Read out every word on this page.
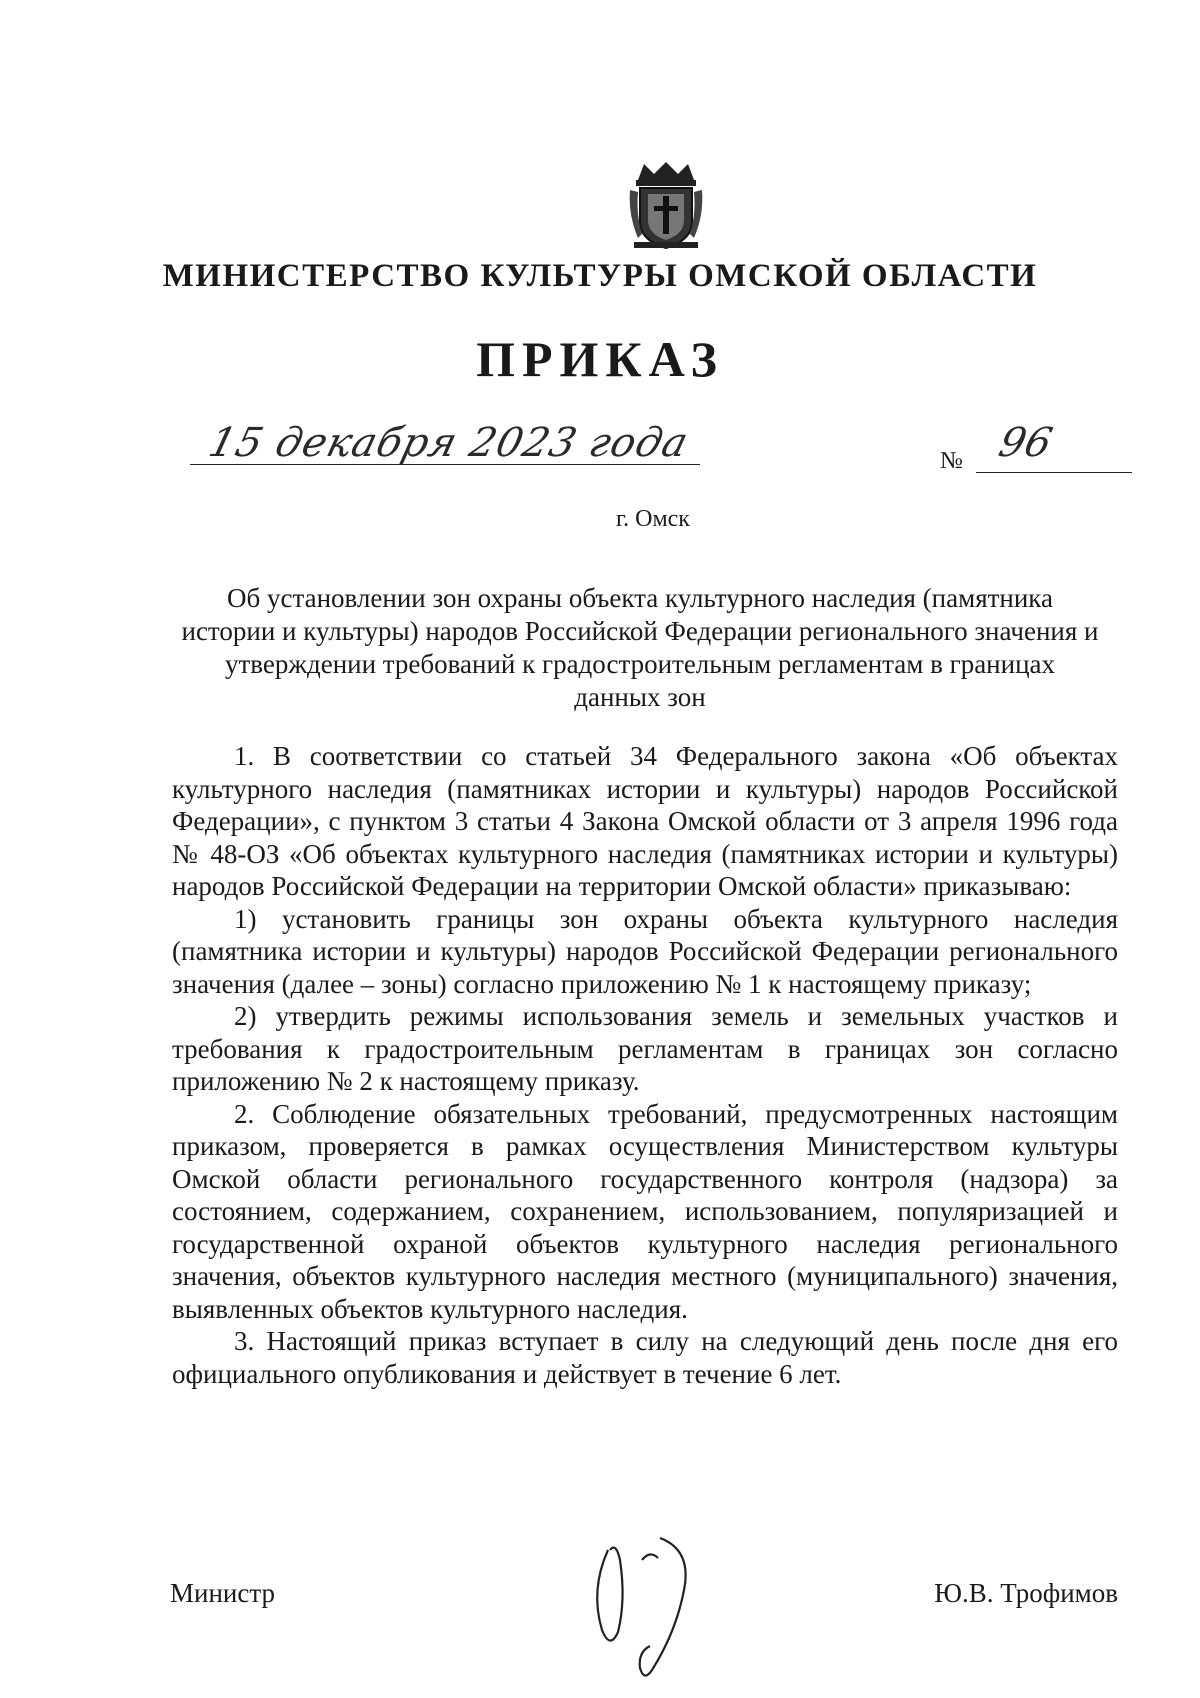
МИНИСТЕРСТВО КУЛЬТУРЫ ОМСКОЙ ОБЛАСТИ
ПРИКАЗ
15 декабря 2023 года	№ 96
г. Омск
Об установлении зон охраны объекта культурного наследия (памятника истории и культуры) народов Российской Федерации регионального значения и утверждении требований к градостроительным регламентам в границах данных зон

1. В соответствии со статьей 34 Федерального закона «Об объектах культурного наследия (памятниках истории и культуры) народов Российской Федерации», с пунктом 3 статьи 4 Закона Омской области от 3 апреля 1996 года № 48-ОЗ «Об объектах культурного наследия (памятниках истории и культуры) народов Российской Федерации на территории Омской области» приказываю:

1) установить границы зон охраны объекта культурного наследия (памятника истории и культуры) народов Российской Федерации регионального значения (далее – зоны) согласно приложению № 1 к настоящему приказу;

2) утвердить режимы использования земель и земельных участков и требования к градостроительным регламентам в границах зон согласно приложению № 2 к настоящему приказу.

2. Соблюдение обязательных требований, предусмотренных настоящим приказом, проверяется в рамках осуществления Министерством культуры Омской области регионального государственного контроля (надзора) за состоянием, содержанием, сохранением, использованием, популяризацией и государственной охраной объектов культурного наследия регионального значения, объектов культурного наследия местного (муниципального) значения, выявленных объектов культурного наследия.

3. Настоящий приказ вступает в силу на следующий день после дня его официального опубликования и действует в течение 6 лет.

Министр	Ю.В. Трофимов
